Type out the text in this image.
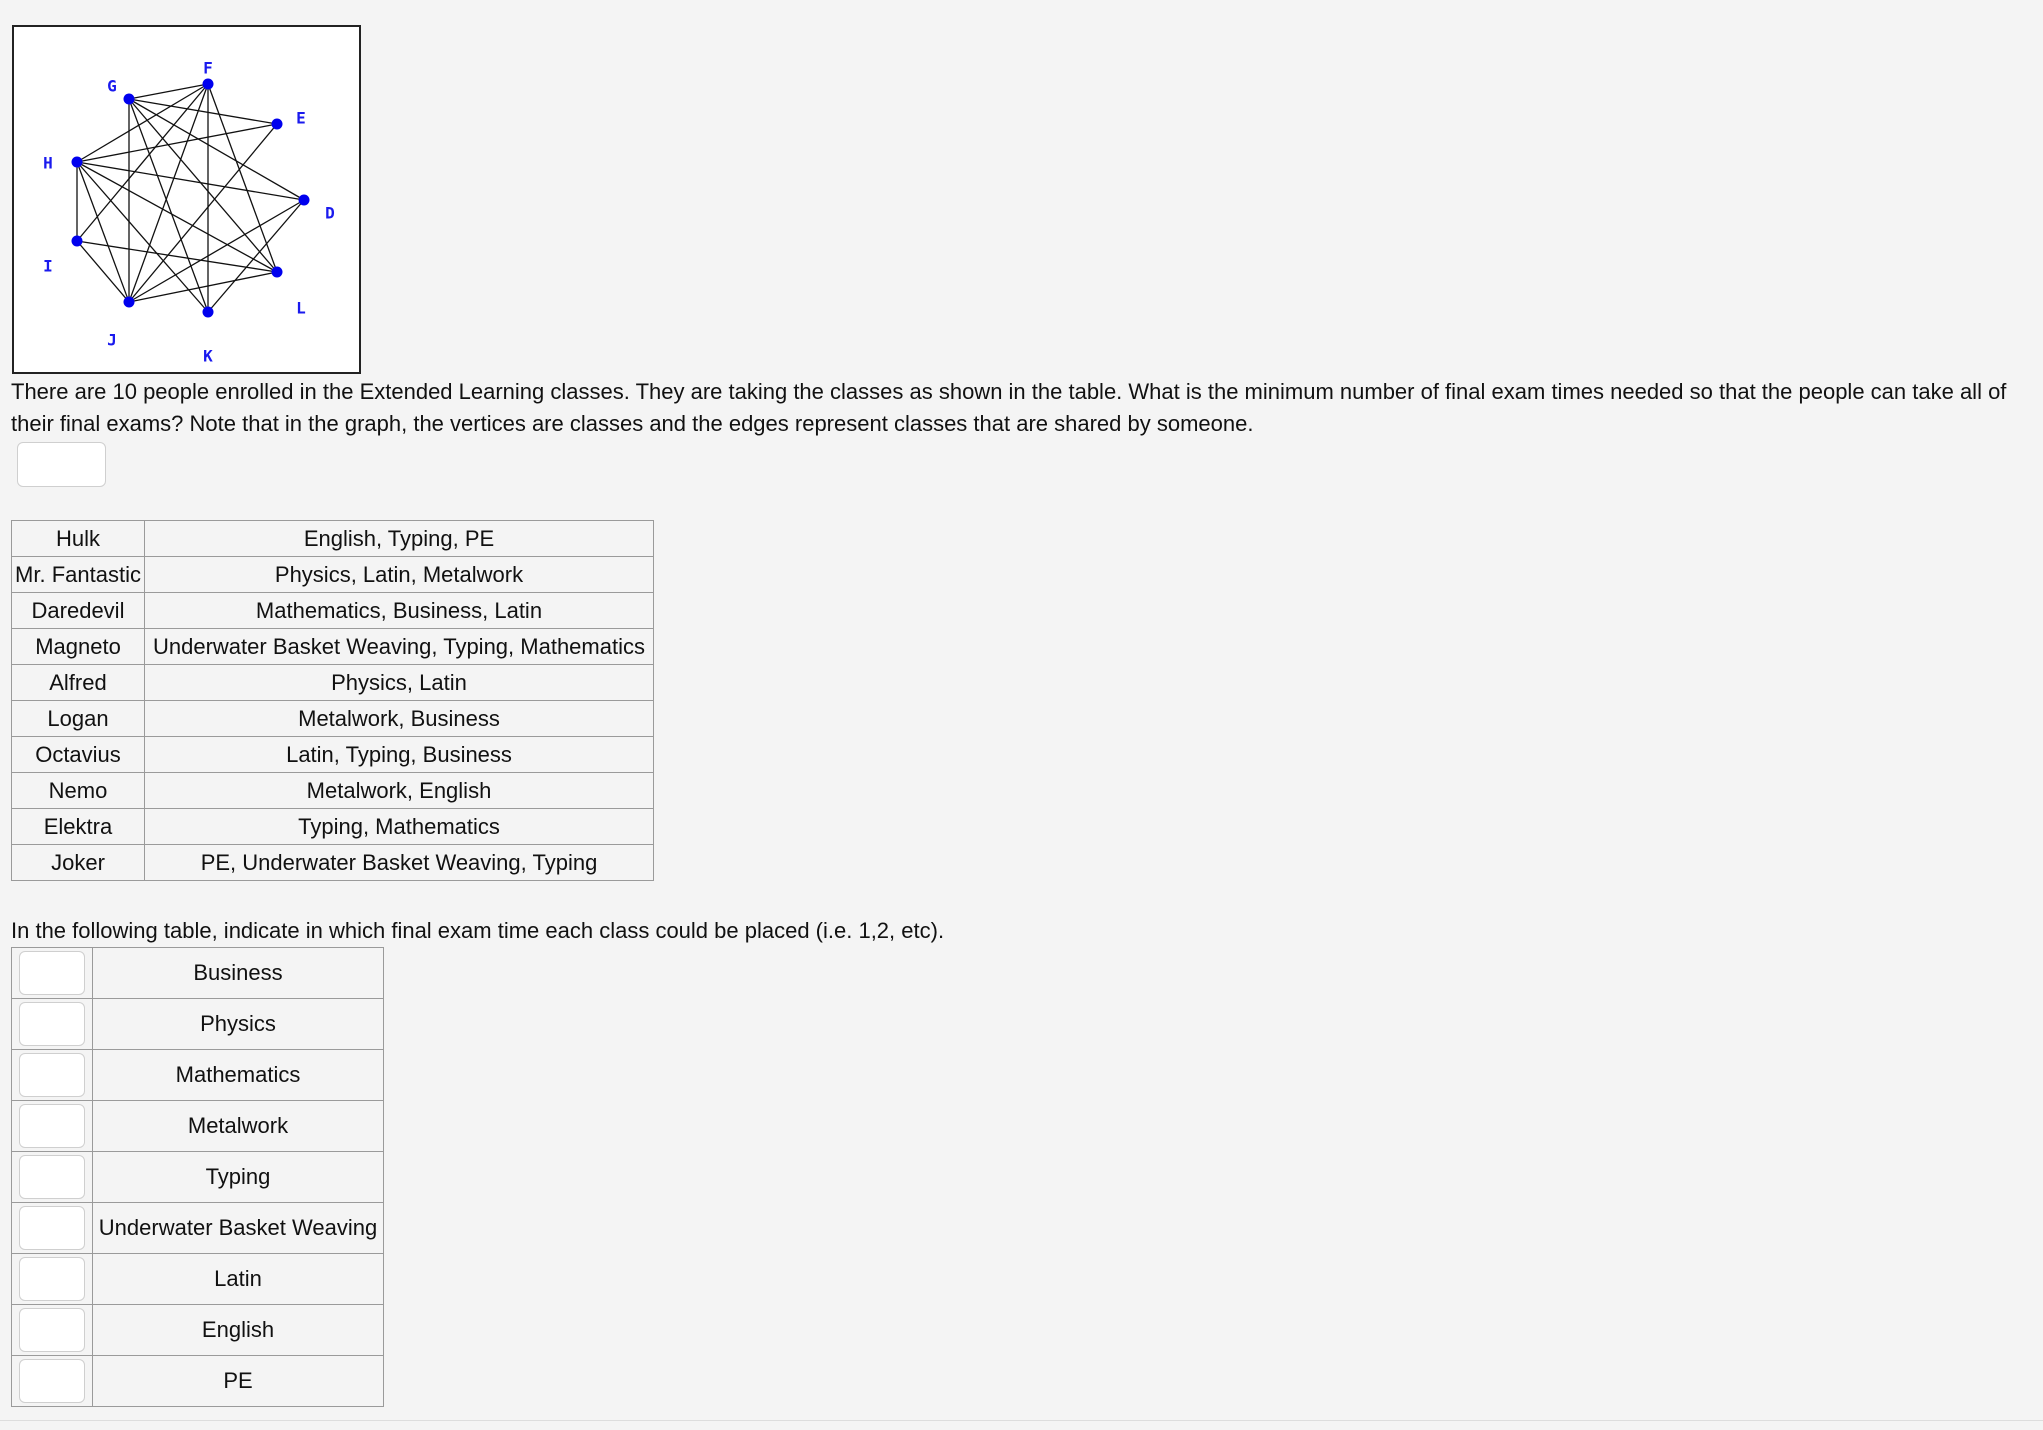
F
E
D
L
K
J
I
H
G

There are 10 people enrolled in the Extended Learning classes. They are taking the classes as shown in the table. What is the minimum number of final exam times needed so that the people can take all of their final exams? Note that in the graph, the vertices are classes and the edges represent classes that are shared by someone.

Hulk	English, Typing, PE
Mr. Fantastic	Physics, Latin, Metalwork
Daredevil	Mathematics, Business, Latin
Magneto	Underwater Basket Weaving, Typing, Mathematics
Alfred	Physics, Latin
Logan	Metalwork, Business
Octavius	Latin, Typing, Business
Nemo	Metalwork, English
Elektra	Typing, Mathematics
Joker	PE, Underwater Basket Weaving, Typing

In the following table, indicate in which final exam time each class could be placed (i.e. 1,2, etc).

	Business

	Physics

	Mathematics

	Metalwork

	Typing

	Underwater Basket Weaving

	Latin

	English

	PE
